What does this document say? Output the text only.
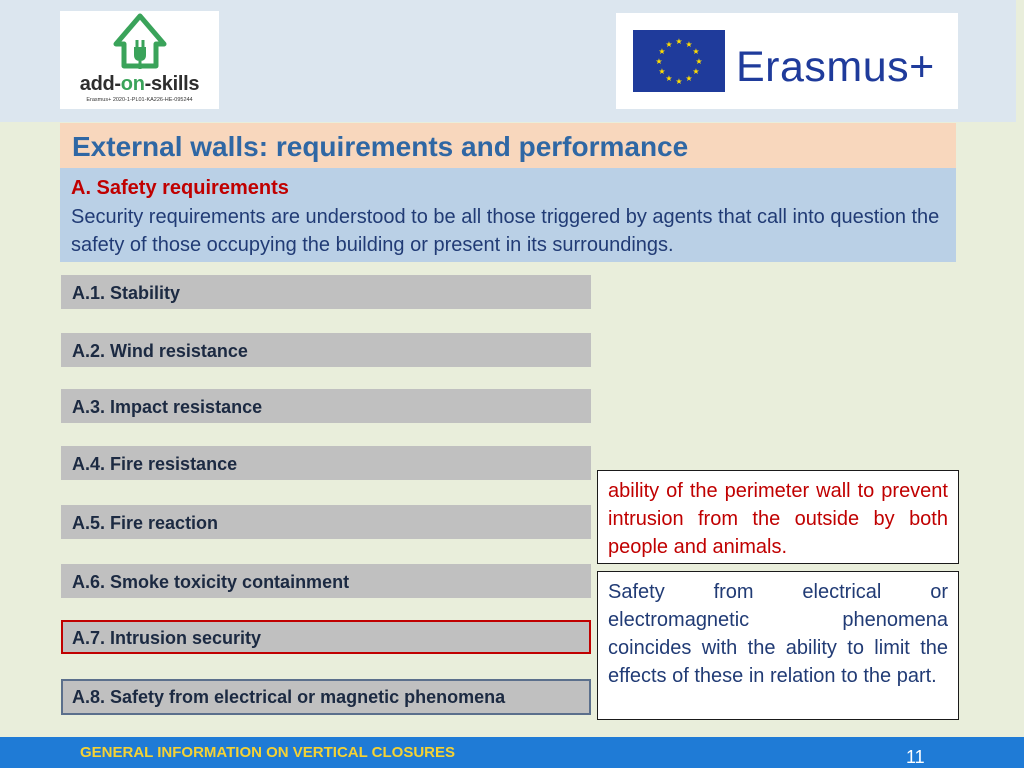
add-on-skills
Erasmus+ 2020-1-PL01-KA226-HE-095244
★ ★
★
★
★
★
★
★
★
★
★
★ Erasmus+
External walls: requirements and performance
A. Safety requirements
Security requirements are understood to be all those triggered by agents that call into question the safety of those occupying the building or present in its surroundings.
A.1. Stability
A.2. Wind resistance
A.3. Impact resistance
A.4. Fire resistance
A.5. Fire reaction
A.6. Smoke toxicity containment
A.7. Intrusion security
A.8. Safety from electrical or magnetic phenomena
ability of the perimeter wall to prevent intrusion from the outside by both people and animals.
Safety from electrical or electromagnetic phenomena coincides with the ability to limit the effects of these in relation to the part.
GENERAL INFORMATION ON VERTICAL CLOSURES	11
